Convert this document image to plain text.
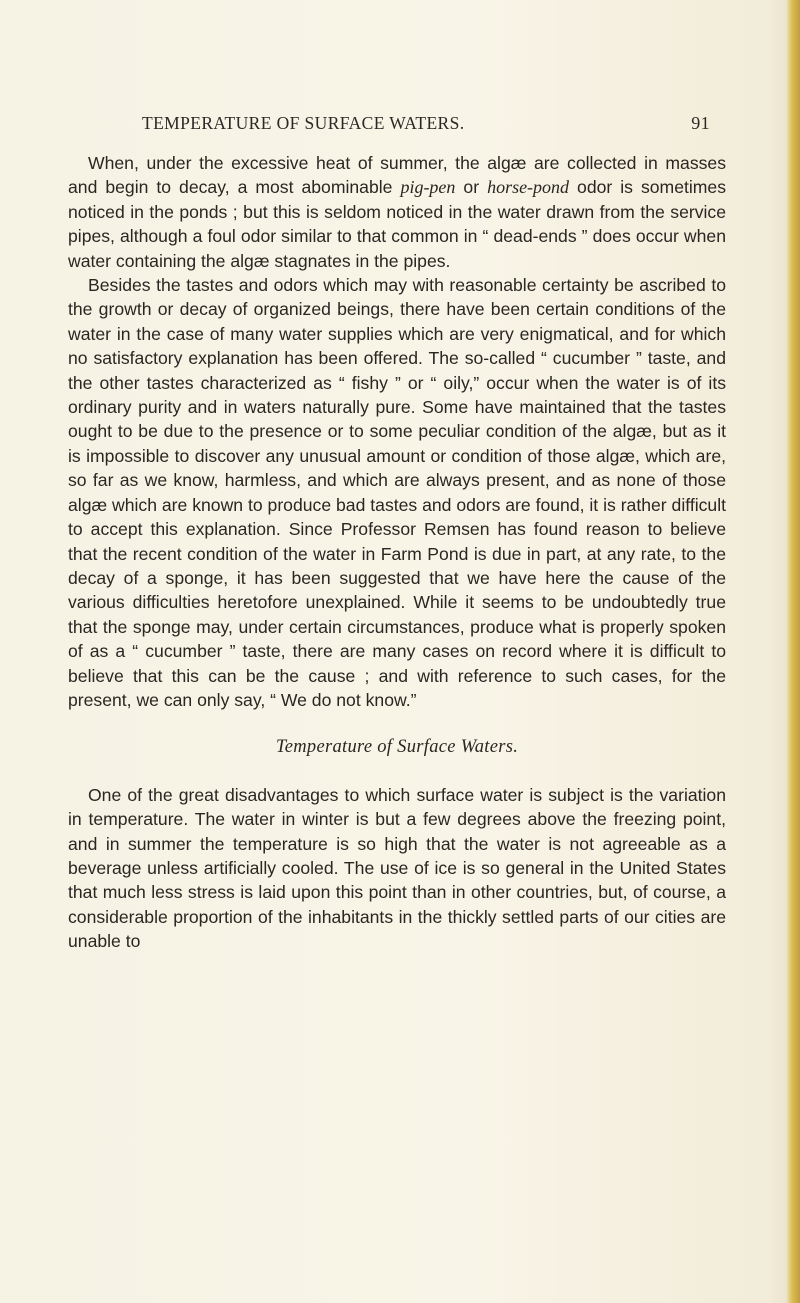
TEMPERATURE OF SURFACE WATERS.	91

When, under the excessive heat of summer, the algæ are collected in masses and begin to decay, a most abominable pig-pen or horse-pond odor is sometimes noticed in the ponds ; but this is seldom noticed in the water drawn from the service pipes, although a foul odor similar to that common in “ dead-ends ” does occur when water containing the algæ stagnates in the pipes.

Besides the tastes and odors which may with reasonable certainty be ascribed to the growth or decay of organized beings, there have been certain conditions of the water in the case of many water supplies which are very enigmatical, and for which no satisfactory explanation has been offered. The so-called “ cucumber ” taste, and the other tastes characterized as “ fishy ” or “ oily,” occur when the water is of its ordinary purity and in waters naturally pure. Some have maintained that the tastes ought to be due to the presence or to some peculiar condition of the algæ, but as it is impossible to discover any unusual amount or condition of those algæ, which are, so far as we know, harmless, and which are always present, and as none of those algæ which are known to produce bad tastes and odors are found, it is rather difficult to accept this explanation. Since Professor Remsen has found reason to believe that the recent condition of the water in Farm Pond is due in part, at any rate, to the decay of a sponge, it has been suggested that we have here the cause of the various difficulties heretofore unexplained. While it seems to be undoubtedly true that the sponge may, under certain circumstances, produce what is properly spoken of as a “ cucumber ” taste, there are many cases on record where it is difficult to believe that this can be the cause ; and with reference to such cases, for the present, we can only say, “ We do not know.”

Temperature of Surface Waters.

One of the great disadvantages to which surface water is subject is the variation in temperature. The water in winter is but a few degrees above the freezing point, and in summer the temperature is so high that the water is not agreeable as a beverage unless artificially cooled. The use of ice is so general in the United States that much less stress is laid upon this point than in other countries, but, of course, a considerable proportion of the inhabitants in the thickly settled parts of our cities are unable to
